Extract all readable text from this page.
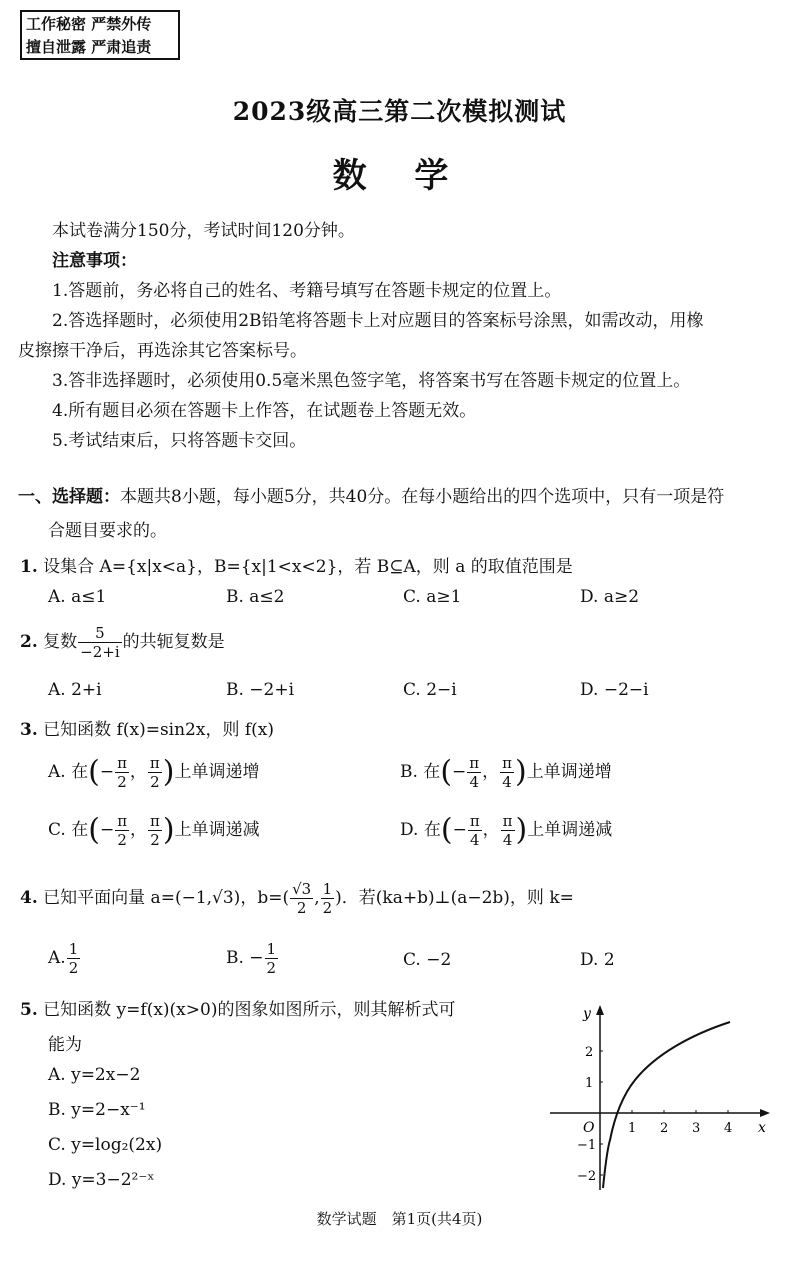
工作秘密 严禁外传
擅自泄露 严肃追责
2023级高三第二次模拟测试
数 学
本试卷满分150分，考试时间120分钟。
注意事项：
1.答题前，务必将自己的姓名、考籍号填写在答题卡规定的位置上。
2.答选择题时，必须使用2B铅笔将答题卡上对应题目的答案标号涂黑，如需改动，用橡
皮擦擦干净后，再选涂其它答案标号。
3.答非选择题时，必须使用0.5毫米黑色签字笔，将答案书写在答题卡规定的位置上。
4.所有题目必须在答题卡上作答，在试题卷上答题无效。
5.考试结束后，只将答题卡交回。
一、选择题：本题共8小题，每小题5分，共40分。在每小题给出的四个选项中，只有一项是符
合题目要求的。
1. 设集合 A={x|x<a}，B={x|1<x<2}，若 B⊆A，则 a 的取值范围是
A. a≤1	B. a≤2	C. a≥1	D. a≥2
2. 复数 $\frac{5}{-2+i}$ 的共轭复数是
A. 2+i	B. −2+i	C. 2−i	D. −2−i
3. 已知函数 f(x)=sin2x，则 f(x)
A. 在(− $\frac{\pi}{2}$ ， $\frac{\pi}{2}$ )上单调递增	B. 在(− $\frac{\pi}{4}$ ， $\frac{\pi}{4}$ )上单调递增
C. 在(− $\frac{\pi}{2}$ ， $\frac{\pi}{2}$ )上单调递减	D. 在(− $\frac{\pi}{4}$ ， $\frac{\pi}{4}$ )上单调递减
4. 已知平面向量 a=(−1,√3)，$b=( \frac{√3}{2}$ , $\frac{1}{2}$ )．若(ka+b)⊥(a−2b)，则 k=
A. $\frac{1}{2}$	B. − $\frac{1}{2}$	C. −2	D. 2
5. 已知函数 y=f(x)(x>0)的图象如图所示，则其解析式可
能为
A. y=2x−2
B. y=2−x⁻¹
C. y=log₂(2x)
D. y=3−2²⁻ˣ
y
x
O	1 2 3 4
2
1
−1
−2
数学试题　第1页(共4页)
